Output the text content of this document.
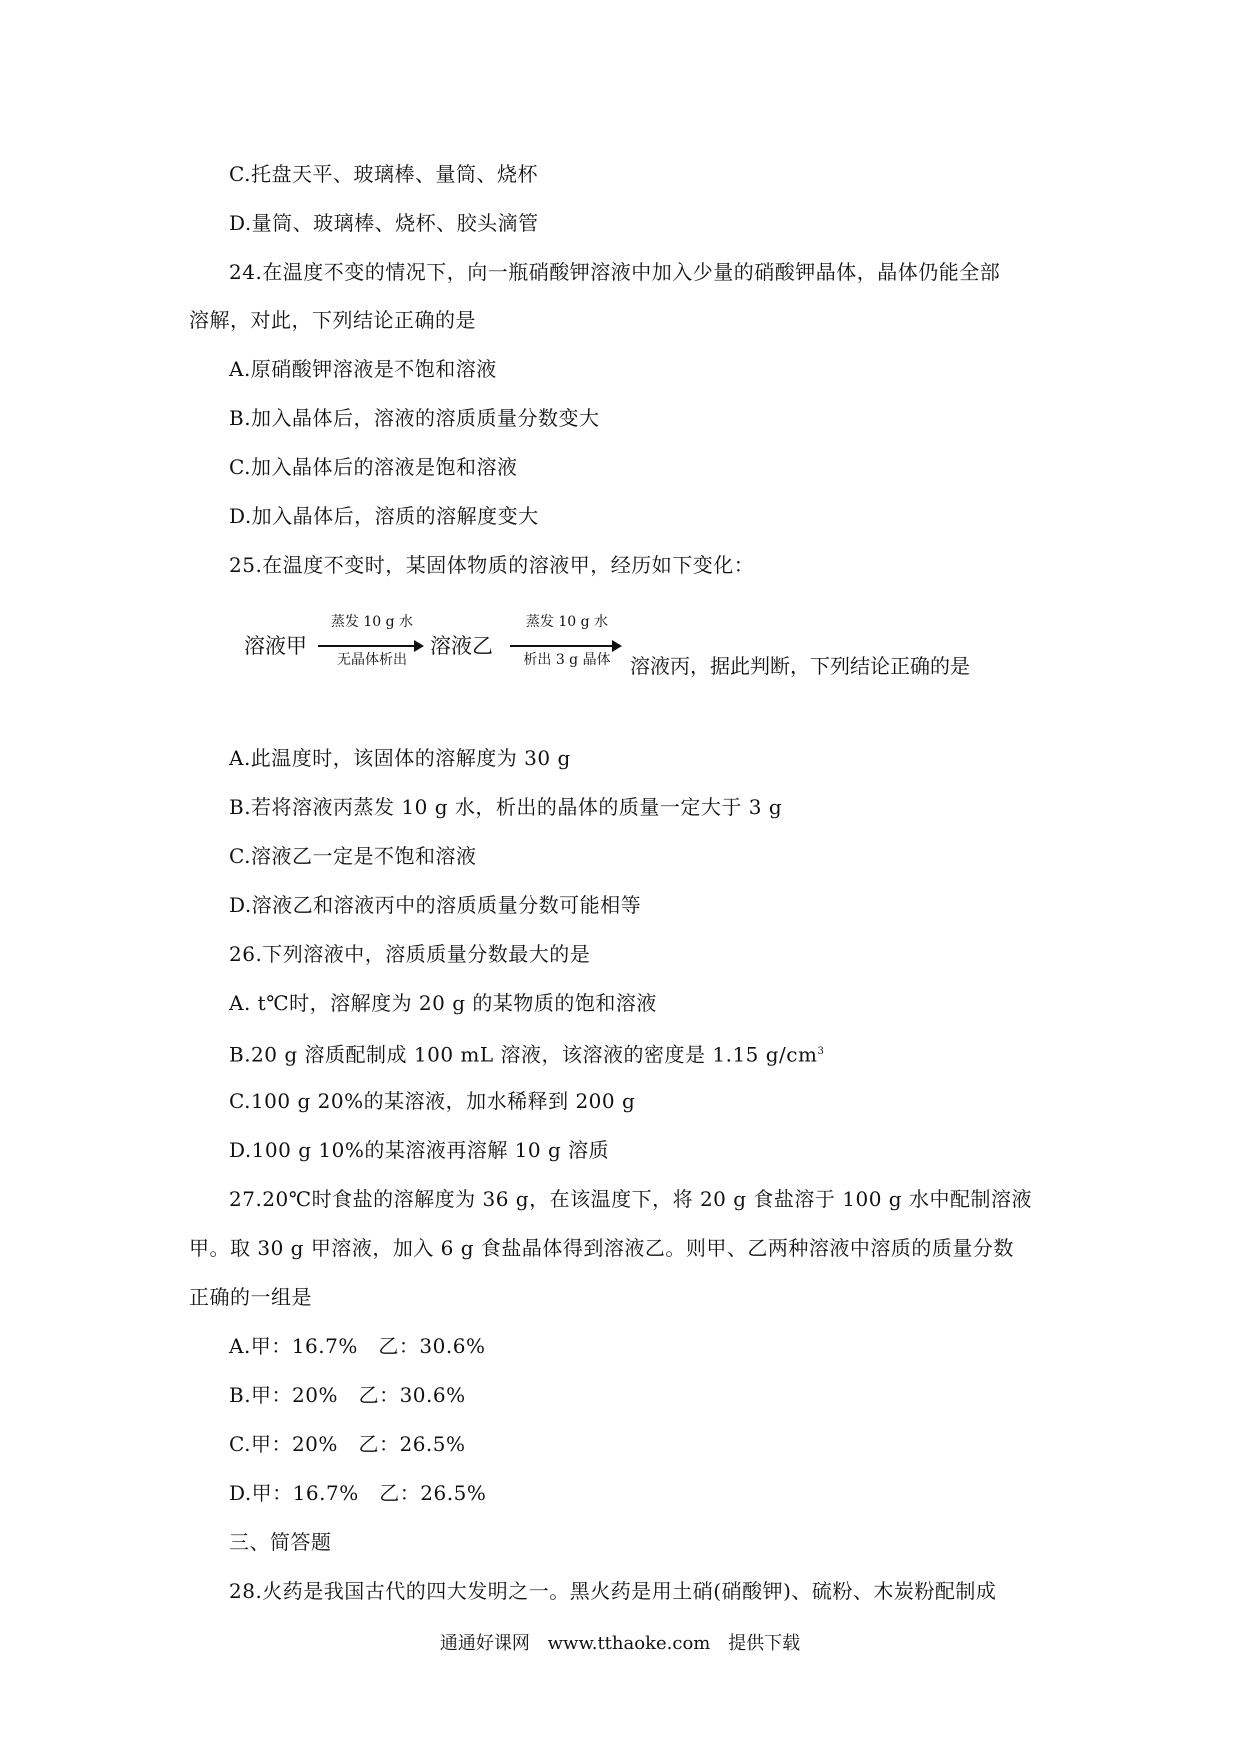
C.托盘天平、玻璃棒、量筒、烧杯
D.量筒、玻璃棒、烧杯、胶头滴管
24.在温度不变的情况下，向一瓶硝酸钾溶液中加入少量的硝酸钾晶体，晶体仍能全部
溶解，对此，下列结论正确的是
A.原硝酸钾溶液是不饱和溶液
B.加入晶体后，溶液的溶质质量分数变大
C.加入晶体后的溶液是饱和溶液
D.加入晶体后，溶质的溶解度变大
25.在温度不变时，某固体物质的溶液甲，经历如下变化：
溶液甲
蒸发 10 g 水
无晶体析出
溶液乙
蒸发 10 g 水
析出 3 g 晶体 溶液丙，据此判断，下列结论正确的是
A.此温度时，该固体的溶解度为 30 g
B.若将溶液丙蒸发 10 g 水，析出的晶体的质量一定大于 3 g
C.溶液乙一定是不饱和溶液
D.溶液乙和溶液丙中的溶质质量分数可能相等
26.下列溶液中，溶质质量分数最大的是
A. t℃时，溶解度为 20 g 的某物质的饱和溶液
B.20 g 溶质配制成 100 mL 溶液，该溶液的密度是 1.15 $g/cm^3$
C.100 g 20%的某溶液，加水稀释到 200 g
D.100 g 10%的某溶液再溶解 10 g 溶质
27.20℃时食盐的溶解度为 36 g，在该温度下，将 20 g 食盐溶于 100 g 水中配制溶液
甲。取 30 g 甲溶液，加入 6 g 食盐晶体得到溶液乙。则甲、乙两种溶液中溶质的质量分数
正确的一组是
A.甲：16.7%   乙：30.6%
B.甲：20%   乙：30.6%
C.甲：20%   乙：26.5%
D.甲：16.7%   乙：26.5%
三、简答题
28.火药是我国古代的四大发明之一。黑火药是用土硝(硝酸钾)、硫粉、木炭粉配制成
通通好课网 www.tthaoke.com 提供下载
